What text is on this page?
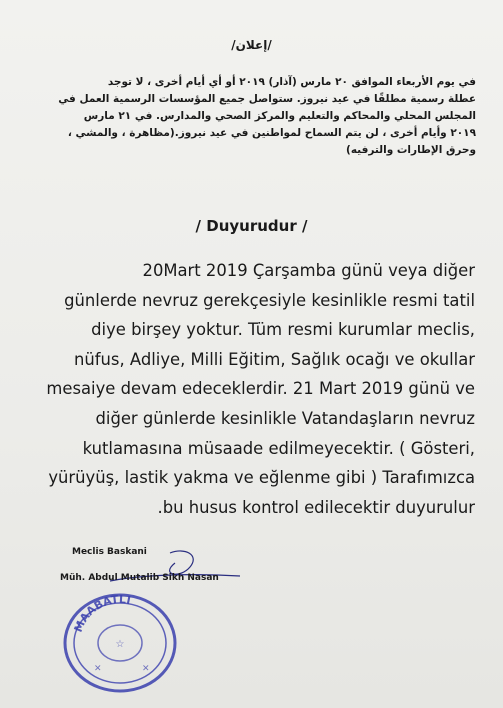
/إعلان/
في يوم الأربعاء الموافق ٢٠ مارس (آذار) ٢٠١٩ أو أي أيام أخرى ، لا توجد
عطلة رسمية مطلقًا في عيد نيروز. ستواصل جميع المؤسسات الرسمية العمل في
المجلس المحلي والمحاكم والتعليم والمركز الصحي والمدارس. في ٢١ مارس
٢٠١٩ وأيام أخرى ، لن يتم السماح لمواطنين في عيد نيروز.(مظاهرة ، والمشي ،
وحرق الإطارات والترفيه)
/ Duyurudur /
20Mart 2019 Çarşamba günü veya diğer
günlerde nevruz gerekçesiyle kesinlikle resmi tatil
diye birşey yoktur. Tüm resmi kurumlar meclis,
nüfus, Adliye, Milli Eğitim, Sağlık ocağı ve okullar
mesaiye devam edeceklerdir. 21 Mart 2019 günü ve
diğer günlerde kesinlikle Vatandaşların nevruz
kutlamasına müsaade edilmeyecektir. ( Gösteri,
yürüyüş, lastik yakma ve eğlenme gibi ) Tarafımızca
.bu husus kontrol edilecektir duyurulur
Meclis Baskani
Müh. Abdul Mutalib Sikh Nasan
MAABATLI
☆
✕	✕
